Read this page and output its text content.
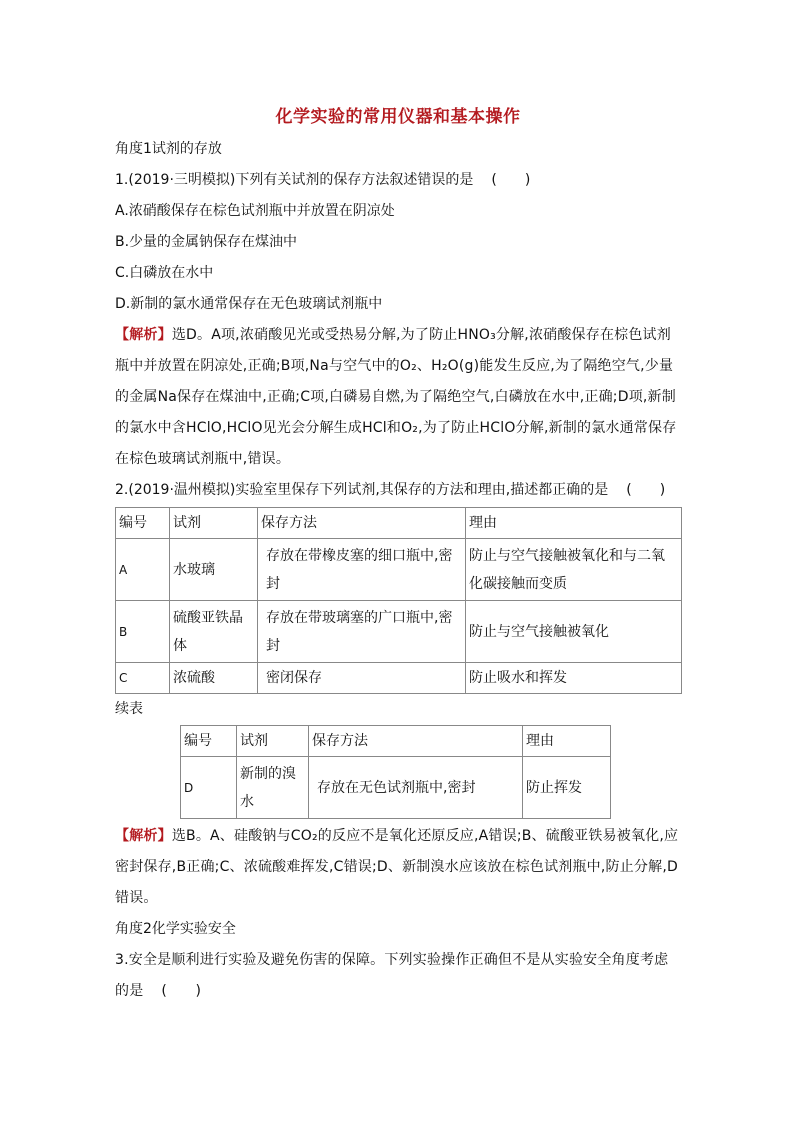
化学实验的常用仪器和基本操作
角度1试剂的存放
1.(2019·三明模拟)下列有关试剂的保存方法叙述错误的是 (　　)
A.浓硝酸保存在棕色试剂瓶中并放置在阴凉处
B.少量的金属钠保存在煤油中
C.白磷放在水中
D.新制的氯水通常保存在无色玻璃试剂瓶中
【解析】选D。A项,浓硝酸见光或受热易分解,为了防止HNO₃分解,浓硝酸保存在棕色试剂瓶中并放置在阴凉处,正确;B项,Na与空气中的O₂、H₂O(g)能发生反应,为了隔绝空气,少量的金属Na保存在煤油中,正确;C项,白磷易自燃,为了隔绝空气,白磷放在水中,正确;D项,新制的氯水中含HClO,HClO见光会分解生成HCl和O₂,为了防止HClO分解,新制的氯水通常保存在棕色玻璃试剂瓶中,错误。
2.(2019·温州模拟)实验室里保存下列试剂,其保存的方法和理由,描述都正确的是 (　　)
编号	试剂	保存方法	理由
A	水玻璃	存放在带橡皮塞的细口瓶中,密封	防止与空气接触被氧化和与二氧化碳接触而变质
B	硫酸亚铁晶体	存放在带玻璃塞的广口瓶中,密封	防止与空气接触被氧化
C	浓硫酸	密闭保存	防止吸水和挥发
续表
编号	试剂	保存方法	理由
D	新制的溴水	存放在无色试剂瓶中,密封	防止挥发
【解析】选B。A、硅酸钠与CO₂的反应不是氧化还原反应,A错误;B、硫酸亚铁易被氧化,应密封保存,B正确;C、浓硫酸难挥发,C错误;D、新制溴水应该放在棕色试剂瓶中,防止分解,D错误。
角度2化学实验安全
3.安全是顺利进行实验及避免伤害的保障。下列实验操作正确但不是从实验安全角度考虑的是 (　　)
